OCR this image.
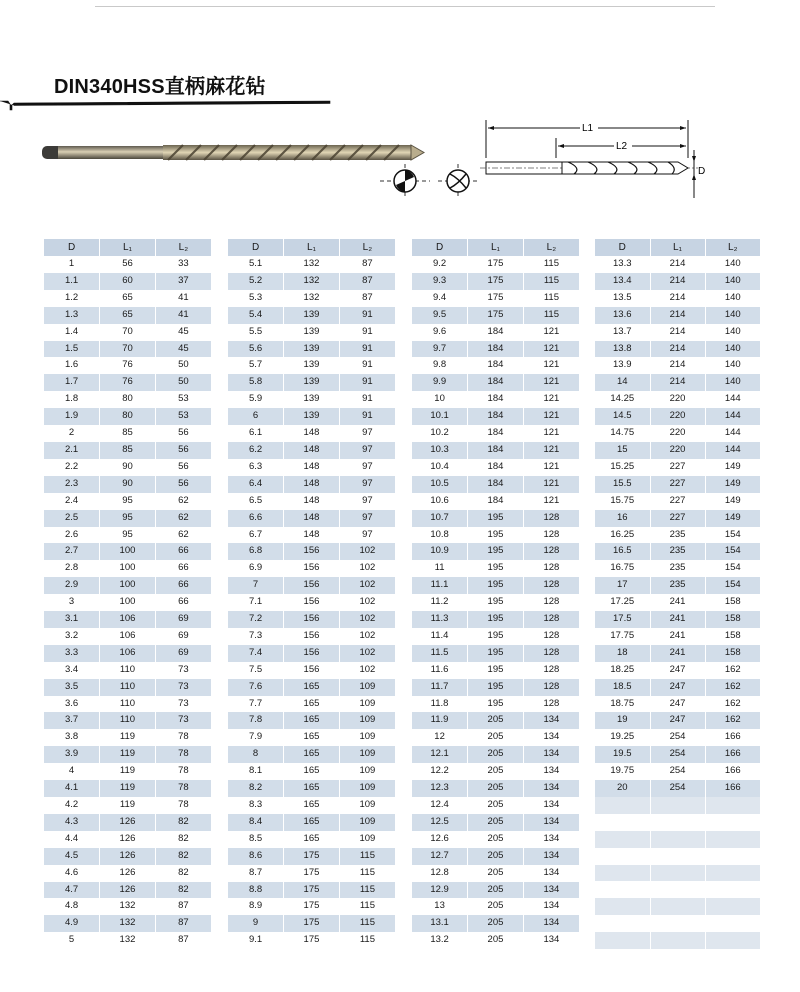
DIN340HSS直柄麻花钻
L1
L2
D
D	L₁	L₂
1	56	33
1.1	60	37
1.2	65	41
1.3	65	41
1.4	70	45
1.5	70	45
1.6	76	50
1.7	76	50
1.8	80	53
1.9	80	53
2	85	56
2.1	85	56
2.2	90	56
2.3	90	56
2.4	95	62
2.5	95	62
2.6	95	62
2.7	100	66
2.8	100	66
2.9	100	66
3	100	66
3.1	106	69
3.2	106	69
3.3	106	69
3.4	110	73
3.5	110	73
3.6	110	73
3.7	110	73
3.8	119	78
3.9	119	78
4	119	78
4.1	119	78
4.2	119	78
4.3	126	82
4.4	126	82
4.5	126	82
4.6	126	82
4.7	126	82
4.8	132	87
4.9	132	87
5	132	87
D	L₁	L₂
5.1	132	87
5.2	132	87
5.3	132	87
5.4	139	91
5.5	139	91
5.6	139	91
5.7	139	91
5.8	139	91
5.9	139	91
6	139	91
6.1	148	97
6.2	148	97
6.3	148	97
6.4	148	97
6.5	148	97
6.6	148	97
6.7	148	97
6.8	156	102
6.9	156	102
7	156	102
7.1	156	102
7.2	156	102
7.3	156	102
7.4	156	102
7.5	156	102
7.6	165	109
7.7	165	109
7.8	165	109
7.9	165	109
8	165	109
8.1	165	109
8.2	165	109
8.3	165	109
8.4	165	109
8.5	165	109
8.6	175	115
8.7	175	115
8.8	175	115
8.9	175	115
9	175	115
9.1	175	115
D	L₁	L₂
9.2	175	115
9.3	175	115
9.4	175	115
9.5	175	115
9.6	184	121
9.7	184	121
9.8	184	121
9.9	184	121
10	184	121
10.1	184	121
10.2	184	121
10.3	184	121
10.4	184	121
10.5	184	121
10.6	184	121
10.7	195	128
10.8	195	128
10.9	195	128
11	195	128
11.1	195	128
11.2	195	128
11.3	195	128
11.4	195	128
11.5	195	128
11.6	195	128
11.7	195	128
11.8	195	128
11.9	205	134
12	205	134
12.1	205	134
12.2	205	134
12.3	205	134
12.4	205	134
12.5	205	134
12.6	205	134
12.7	205	134
12.8	205	134
12.9	205	134
13	205	134
13.1	205	134
13.2	205	134
D	L₁	L₂
13.3	214	140
13.4	214	140
13.5	214	140
13.6	214	140
13.7	214	140
13.8	214	140
13.9	214	140
14	214	140
14.25	220	144
14.5	220	144
14.75	220	144
15	220	144
15.25	227	149
15.5	227	149
15.75	227	149
16	227	149
16.25	235	154
16.5	235	154
16.75	235	154
17	235	154
17.25	241	158
17.5	241	158
17.75	241	158
18	241	158
18.25	247	162
18.5	247	162
18.75	247	162
19	247	162
19.25	254	166
19.5	254	166
19.75	254	166
20	254	166
